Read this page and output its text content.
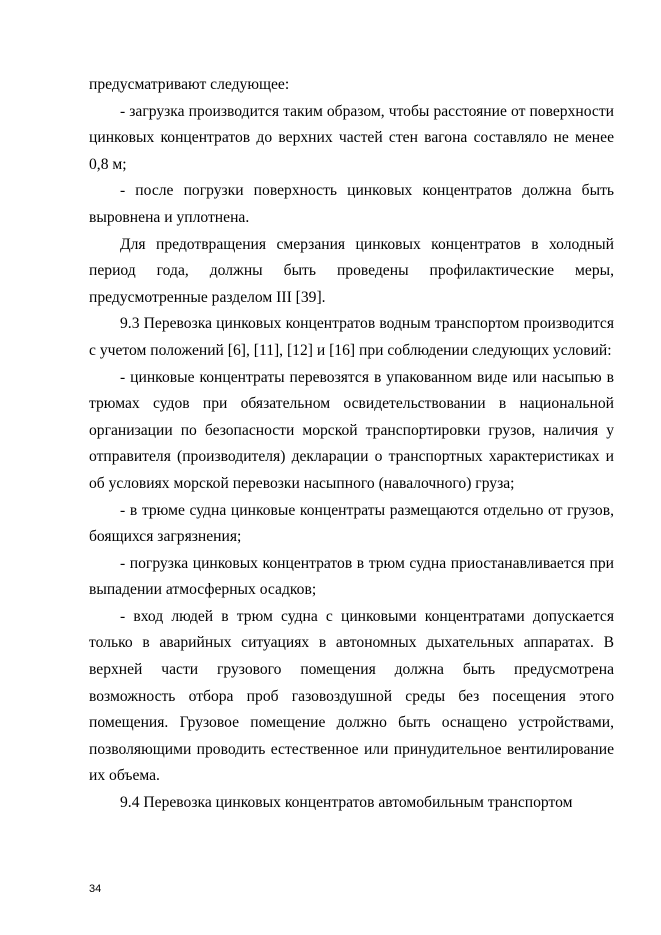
предусматривают следующее:

- загрузка производится таким образом, чтобы расстояние от поверхности цинковых концентратов до верхних частей стен вагона составляло не менее 0,8 м;

- после погрузки поверхность цинковых концентратов должна быть выровнена и уплотнена.

Для предотвращения смерзания цинковых концентратов в холодный период года, должны быть проведены профилактические меры, предусмотренные разделом III [39].

9.3 Перевозка цинковых концентратов водным транспортом производится с учетом положений [6], [11], [12] и [16] при соблюдении следующих условий:

- цинковые концентраты перевозятся в упакованном виде или насыпью в трюмах судов при обязательном освидетельствовании в национальной организации по безопасности морской транспортировки грузов, наличия у отправителя (производителя) декларации о транспортных характеристиках и об условиях морской перевозки насыпного (навалочного) груза;

- в трюме судна цинковые концентраты размещаются отдельно от грузов, боящихся загрязнения;

- погрузка цинковых концентратов в трюм судна приостанавливается при выпадении атмосферных осадков;

- вход людей в трюм судна с цинковыми концентратами допускается только в аварийных ситуациях в автономных дыхательных аппаратах. В верхней части грузового помещения должна быть предусмотрена возможность отбора проб газовоздушной среды без посещения этого помещения. Грузовое помещение должно быть оснащено устройствами, позволяющими проводить естественное или принудительное вентилирование их объема.

9.4 Перевозка цинковых концентратов автомобильным транспортом

34
